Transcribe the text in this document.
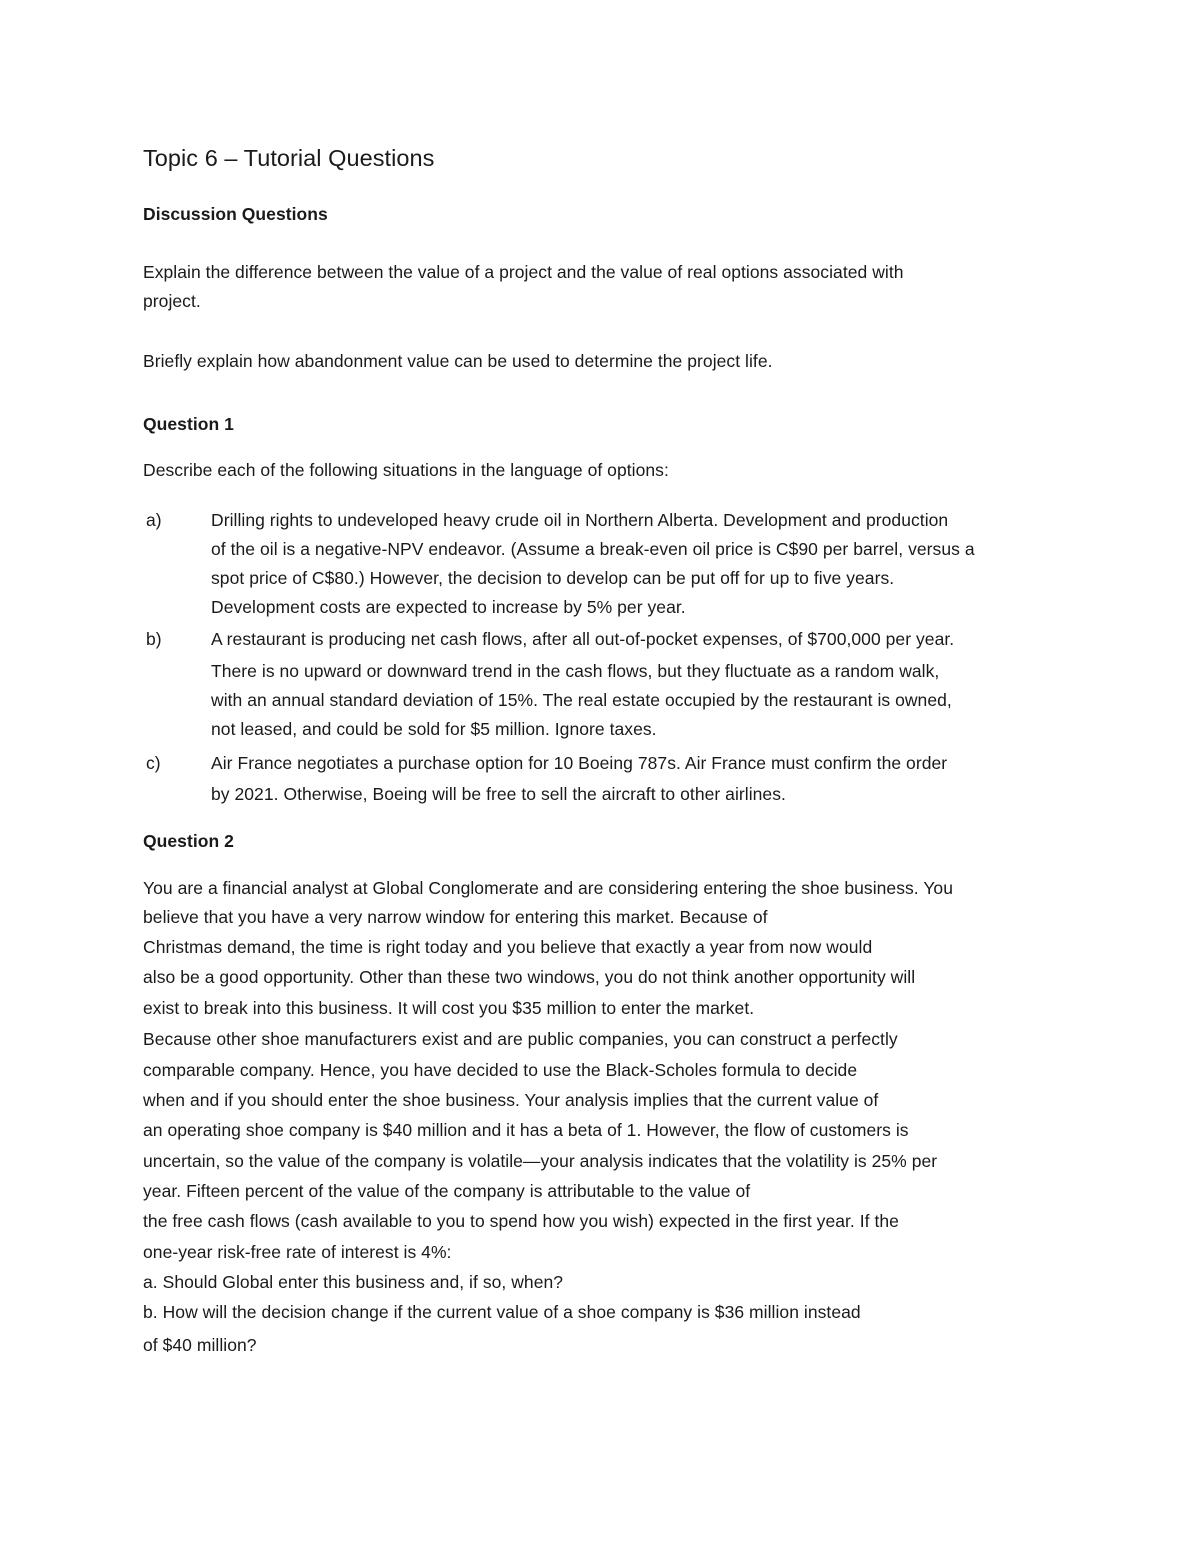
Topic 6 – Tutorial Questions

Discussion Questions

Explain the difference between the value of a project and the value of real options associated with

project.

Briefly explain how abandonment value can be used to determine the project life.

Question 1

Describe each of the following situations in the language of options:

a)	Drilling rights to undeveloped heavy crude oil in Northern Alberta. Development and production

of the oil is a negative-NPV endeavor. (Assume a break-even oil price is C$90 per barrel, versus a

spot price of C$80.) However, the decision to develop can be put off for up to five years.

Development costs are expected to increase by 5% per year.

b)	A restaurant is producing net cash flows, after all out-of-pocket expenses, of $700,000 per year.

There is no upward or downward trend in the cash flows, but they fluctuate as a random walk,

with an annual standard deviation of 15%. The real estate occupied by the restaurant is owned,

not leased, and could be sold for $5 million. Ignore taxes.

c)	Air France negotiates a purchase option for 10 Boeing 787s. Air France must confirm the order

by 2021. Otherwise, Boeing will be free to sell the aircraft to other airlines.

Question 2

You are a financial analyst at Global Conglomerate and are considering entering the shoe business. You

believe that you have a very narrow window for entering this market. Because of

Christmas demand, the time is right today and you believe that exactly a year from now would

also be a good opportunity. Other than these two windows, you do not think another opportunity will

exist to break into this business. It will cost you $35 million to enter the market.

Because other shoe manufacturers exist and are public companies, you can construct a perfectly

comparable company. Hence, you have decided to use the Black-Scholes formula to decide

when and if you should enter the shoe business. Your analysis implies that the current value of

an operating shoe company is $40 million and it has a beta of 1. However, the flow of customers is

uncertain, so the value of the company is volatile—your analysis indicates that the volatility is 25% per

year. Fifteen percent of the value of the company is attributable to the value of

the free cash flows (cash available to you to spend how you wish) expected in the first year. If the

one-year risk-free rate of interest is 4%:

a. Should Global enter this business and, if so, when?

b. How will the decision change if the current value of a shoe company is $36 million instead

of $40 million?
